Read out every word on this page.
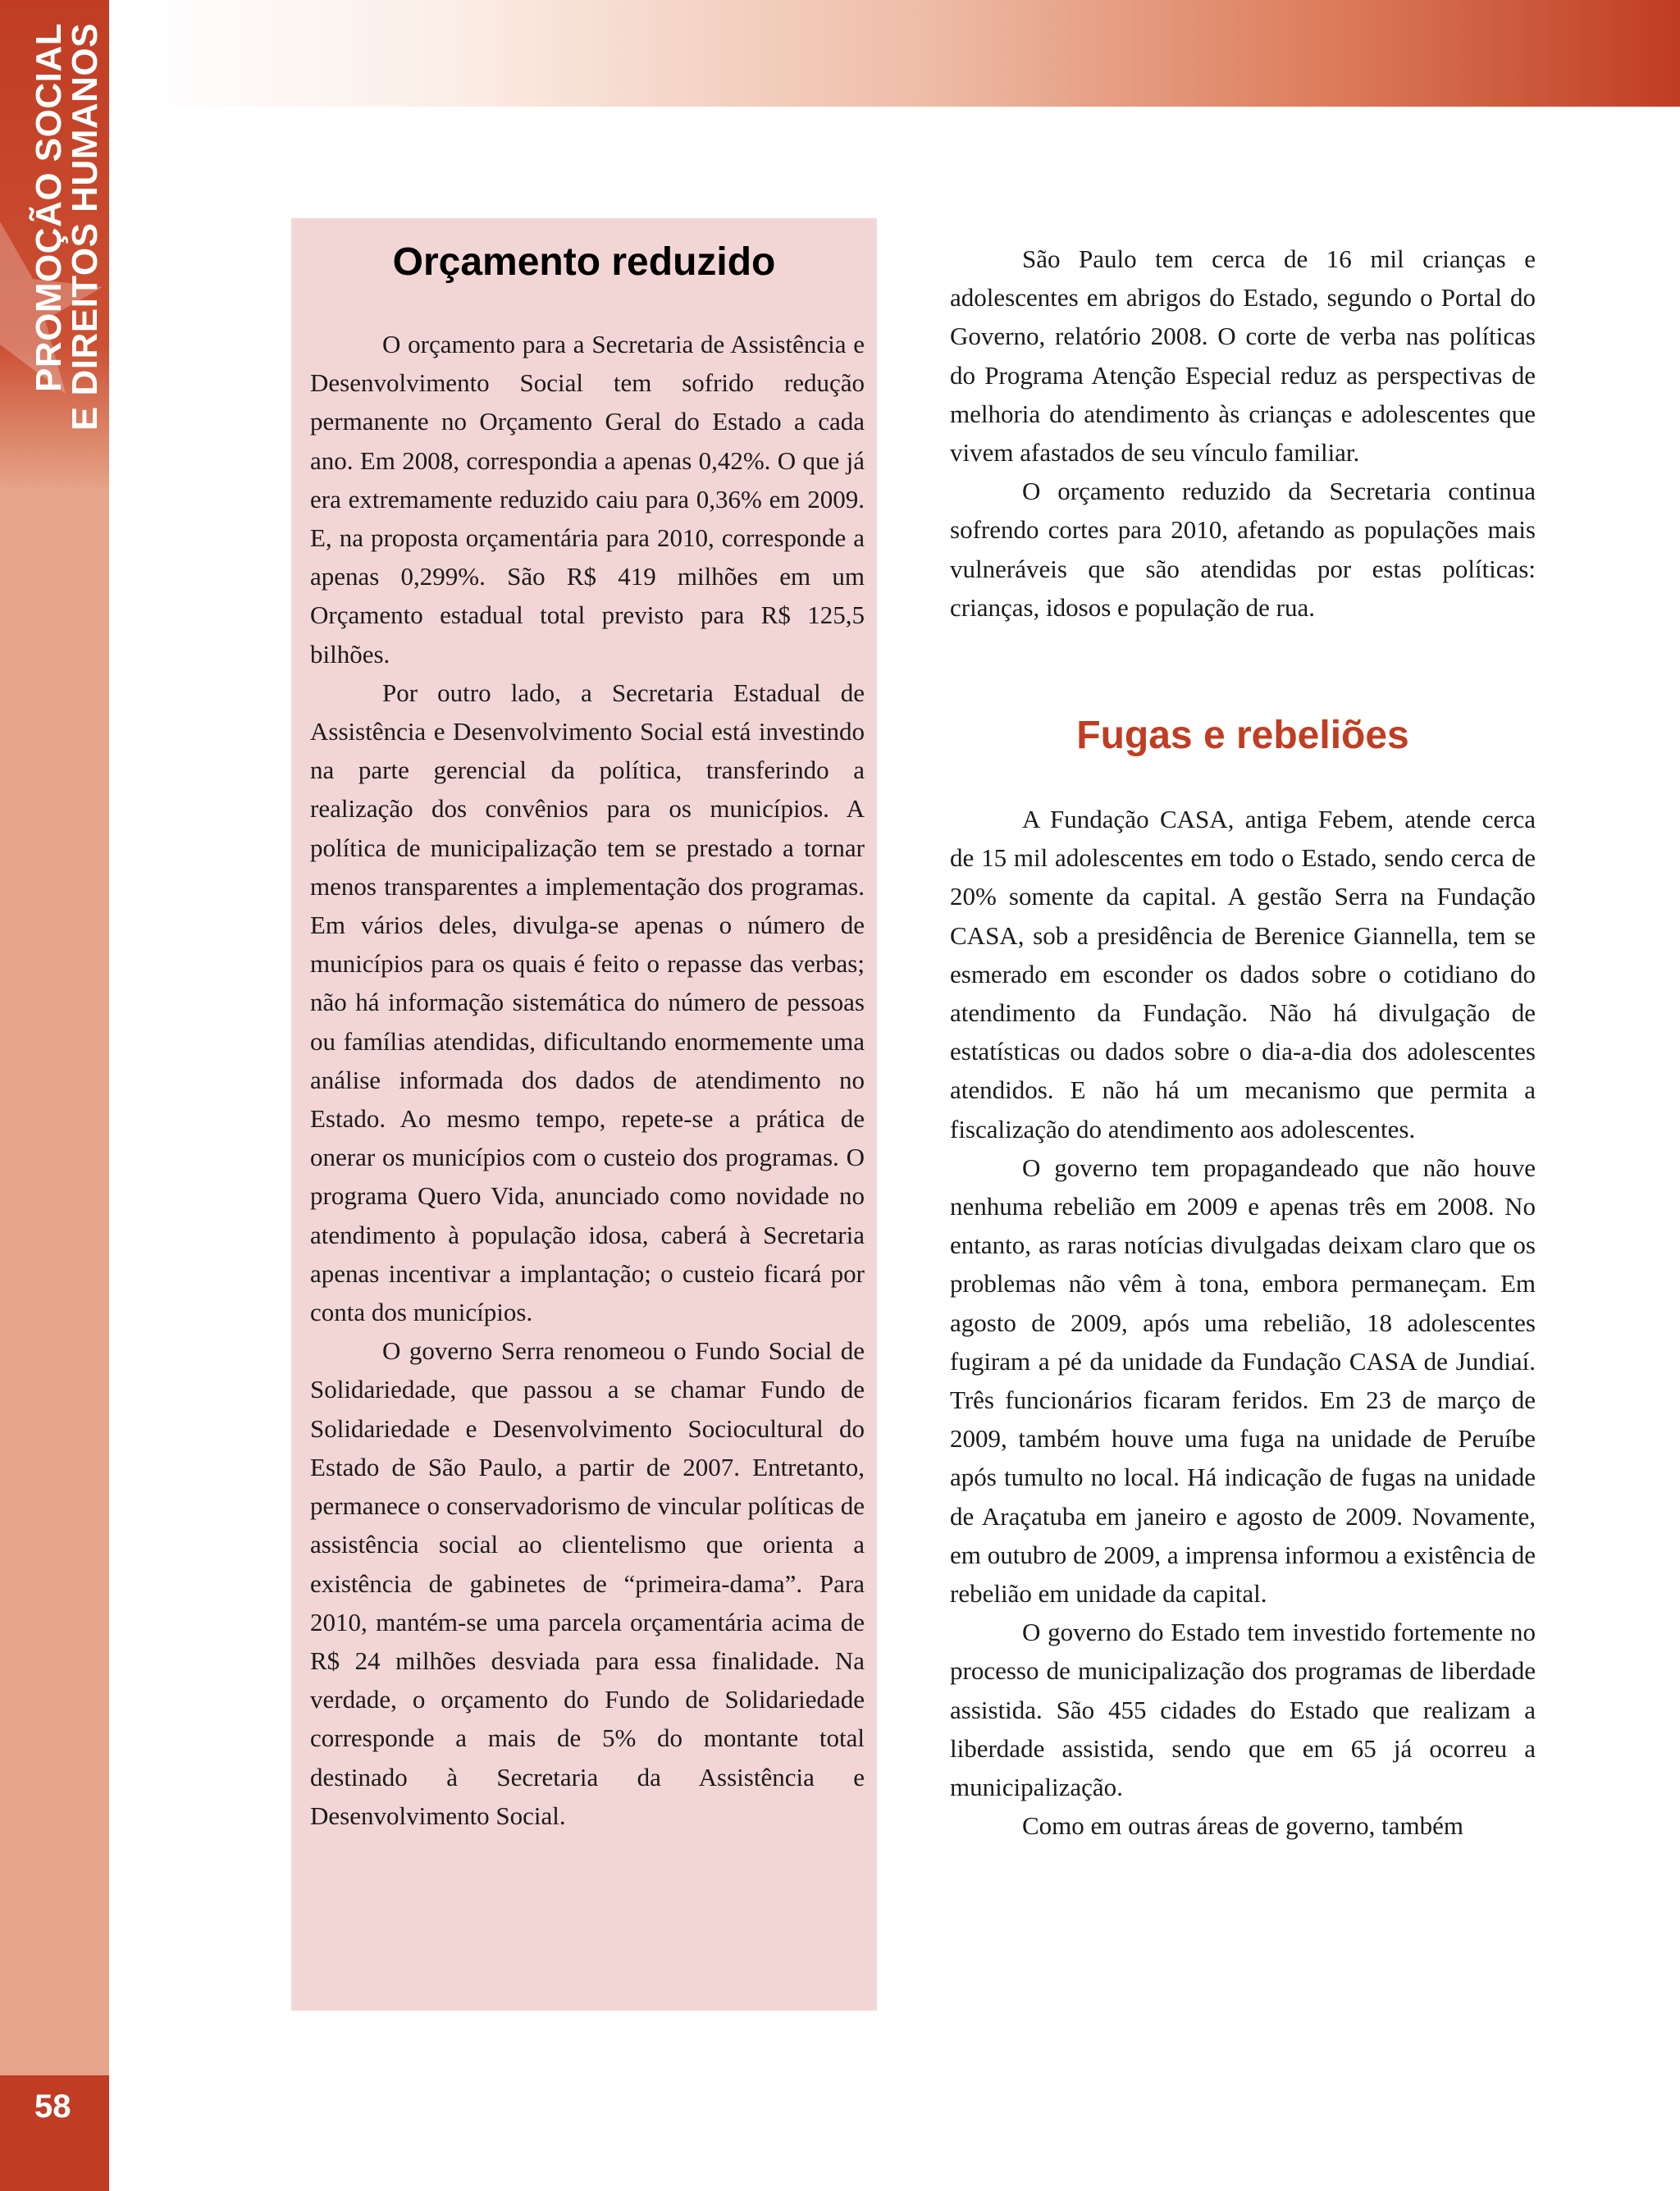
PROMOÇÃO SOCIAL
E DIREITOS HUMANOS
58
Orçamento reduzido

O orçamento para a Secretaria de Assistência e Desenvolvimento Social tem sofrido redução permanente no Orçamento Geral do Estado a cada ano. Em 2008, correspondia a apenas 0,42%. O que já era extremamente reduzido caiu para 0,36% em 2009. E, na proposta orçamentária para 2010, corresponde a apenas 0,299%. São R$ 419 milhões em um Orçamento estadual total previsto para R$ 125,5 bilhões.

Por outro lado, a Secretaria Estadual de Assistência e Desenvolvimento Social está investindo na parte gerencial da política, transferindo a realização dos convênios para os municípios. A política de municipalização tem se prestado a tornar menos transparentes a implementação dos programas. Em vários deles, divulga-se apenas o número de municípios para os quais é feito o repasse das verbas; não há informação sistemática do número de pessoas ou famílias atendidas, dificultando enormemente uma análise informada dos dados de atendimento no Estado. Ao mesmo tempo, repete-se a prática de onerar os municípios com o custeio dos programas. O programa Quero Vida, anunciado como novidade no atendimento à população idosa, caberá à Secretaria apenas incentivar a implantação; o custeio ficará por conta dos municípios.

O governo Serra renomeou o Fundo Social de Solidariedade, que passou a se chamar Fundo de Solidariedade e Desenvolvimento Sociocultural do Estado de São Paulo, a partir de 2007. Entretanto, permanece o conservadorismo de vincular políticas de assistência social ao clientelismo que orienta a existência de gabinetes de “primeira-dama”. Para 2010, mantém-se uma parcela orçamentária acima de R$ 24 milhões desviada para essa finalidade. Na verdade, o orçamento do Fundo de Solidariedade corresponde a mais de 5% do montante total destinado à Secretaria da Assistência e Desenvolvimento Social.

São Paulo tem cerca de 16 mil crianças e adolescentes em abrigos do Estado, segundo o Portal do Governo, relatório 2008. O corte de verba nas políticas do Programa Atenção Especial reduz as perspectivas de melhoria do atendimento às crianças e adolescentes que vivem afastados de seu vínculo familiar.

O orçamento reduzido da Secretaria continua sofrendo cortes para 2010, afetando as populações mais vulneráveis que são atendidas por estas políticas: crianças, idosos e população de rua.

Fugas e rebeliões

A Fundação CASA, antiga Febem, atende cerca de 15 mil adolescentes em todo o Estado, sendo cerca de 20% somente da capital. A gestão Serra na Fundação CASA, sob a presidência de Berenice Giannella, tem se esmerado em esconder os dados sobre o cotidiano do atendimento da Fundação. Não há divulgação de estatísticas ou dados sobre o dia-a-dia dos adolescentes atendidos. E não há um mecanismo que permita a fiscalização do atendimento aos adolescentes.

O governo tem propagandeado que não houve nenhuma rebelião em 2009 e apenas três em 2008. No entanto, as raras notícias divulgadas deixam claro que os problemas não vêm à tona, embora permaneçam. Em agosto de 2009, após uma rebelião, 18 adolescentes fugiram a pé da unidade da Fundação CASA de Jundiaí. Três funcionários ficaram feridos. Em 23 de março de 2009, também houve uma fuga na unidade de Peruíbe após tumulto no local. Há indicação de fugas na unidade de Araçatuba em janeiro e agosto de 2009. Novamente, em outubro de 2009, a imprensa informou a existência de rebelião em unidade da capital.

O governo do Estado tem investido fortemente no processo de municipalização dos programas de liberdade assistida. São 455 cidades do Estado que realizam a liberdade assistida, sendo que em 65 já ocorreu a municipalização.

Como em outras áreas de governo, também
